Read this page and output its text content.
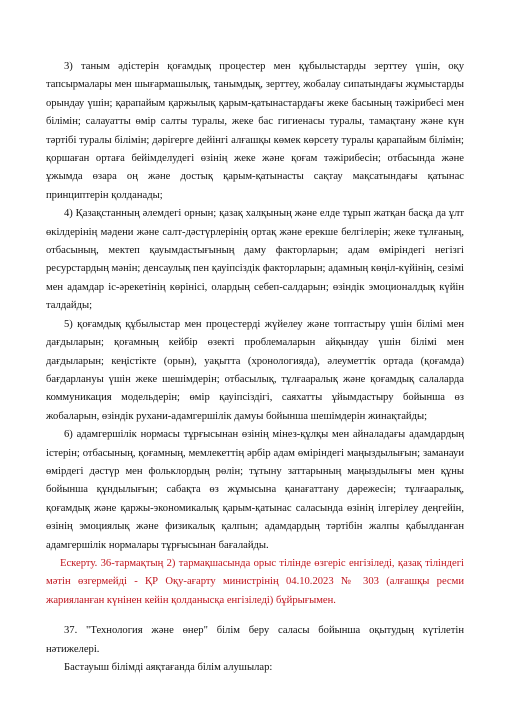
3) таным әдістерін қоғамдық процестер мен құбылыстарды зерттеу үшін, оқу тапсырмалары мен шығармашылық, танымдық, зерттеу, жобалау сипатындағы жұмыстарды орындау үшін; қарапайым қаржылық қарым-қатынастардағы жеке басының тәжірибесі мен білімін; салауатты өмір салты туралы, жеке бас гигиенасы туралы, тамақтану және күн тәртібі туралы білімін; дәрігерге дейінгі алғашқы көмек көрсету туралы қарапайым білімін; қоршаған ортаға бейімделудегі өзінің жеке және қоғам тәжірибесін; отбасында және ұжымда өзара оң және достық қарым-қатынасты сақтау мақсатындағы қатынас принциптерін қолданады;

4) Қазақстанның әлемдегі орнын; қазақ халқының және елде тұрып жатқан басқа да ұлт өкілдерінің мәдени және салт-дәстүрлерінің ортақ және ерекше белгілерін; жеке тұлғаның, отбасының, мектеп қауымдастығының даму факторларын; адам өміріндегі негізгі ресурстардың мәнін; денсаулық пен қауіпсіздік факторларын; адамның көңіл-күйінің, сезімі мен адамдар іс-әрекетінің көрінісі, олардың себеп-салдарын; өзіндік эмоционалдық күйін талдайды;

5) қоғамдық құбылыстар мен процестерді жүйелеу және топтастыру үшін білімі мен дағдыларын; қоғамның кейбір өзекті проблемаларын айқындау үшін білімі мен дағдыларын; кеңістікте (орын), уақытта (хронологияда), әлеуметтік ортада (қоғамда) бағдарлануы үшін жеке шешімдерін; отбасылық, тұлғааралық және қоғамдық салаларда коммуникация модельдерін; өмір қауіпсіздігі, саяхатты ұйымдастыру бойынша өз жобаларын, өзіндік рухани-адамгершілік дамуы бойынша шешімдерін жинақтайды;

6) адамгершілік нормасы тұрғысынан өзінің мінез-құлқы мен айналадағы адамдардың істерін; отбасының, қоғамның, мемлекеттің әрбір адам өміріндегі маңыздылығын; заманауи өмірдегі дәстүр мен фольклордың рөлін; тұтыну заттарының маңыздылығы мен құны бойынша құндылығын; сабақта өз жұмысына қанағаттану дәрежесін; тұлғааралық, қоғамдық және қаржы-экономикалық қарым-қатынас саласында өзінің ілгерілеу деңгейін, өзінің эмоциялық және физикалық қалпын; адамдардың тәртібін жалпы қабылданған адамгершілік нормалары тұрғысынан бағалайды.

Ескерту. 36-тармақтың 2) тармақшасында орыс тілінде өзгеріс енгізіледі, қазақ тіліндегі мәтін өзгермейді - ҚР Оқу-ағарту министрінің 04.10.2023 № 303 (алғашқы ресми жарияланған күнінен кейін қолданысқа енгізіледі) бұйрығымен.

37. "Технология және өнер" білім беру саласы бойынша оқытудың күтілетін нәтижелері.

Бастауыш білімді аяқтағанда білім алушылар:
